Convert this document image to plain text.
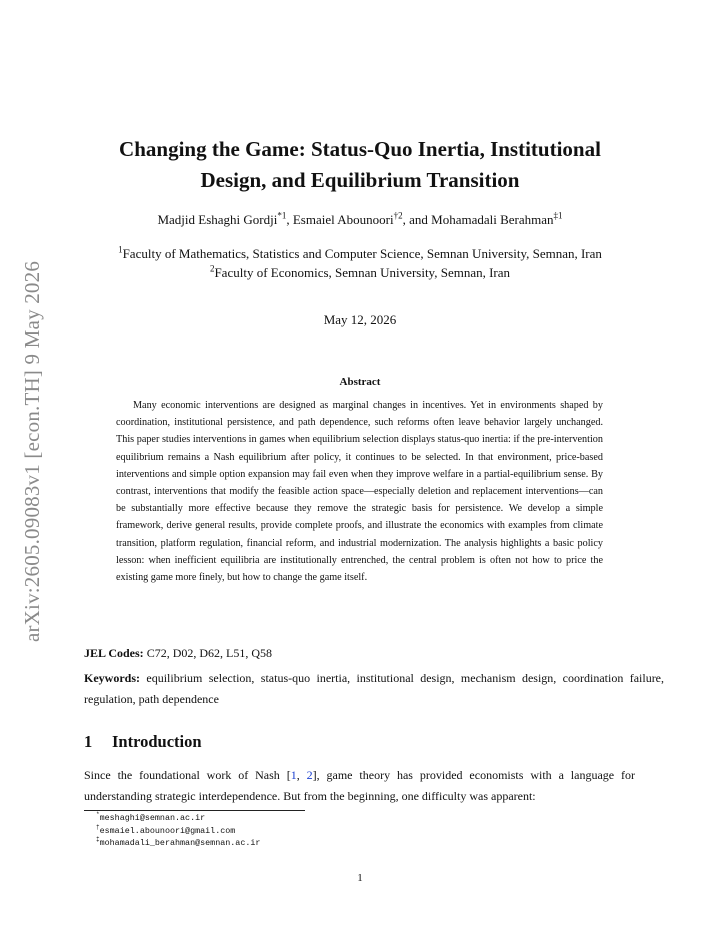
arXiv:2605.09083v1 [econ.TH] 9 May 2026
Changing the Game: Status-Quo Inertia, Institutional
Design, and Equilibrium Transition

Madjid Eshaghi Gordji$^{*1}$, Esmaiel Abounoori$^{\dagger 2}$, and Mohamadali Berahman$^{\ddagger 1}$

$^1$Faculty of Mathematics, Statistics and Computer Science, Semnan University, Semnan, Iran

$^2$Faculty of Economics, Semnan University, Semnan, Iran

May 12, 2026

Abstract

Many economic interventions are designed as marginal changes in incentives. Yet in environments shaped by coordination, institutional persistence, and path dependence, such reforms often leave behavior largely unchanged. This paper studies interventions in games when equilibrium selection displays status-quo inertia: if the pre-intervention equilibrium remains a Nash equilibrium after policy, it continues to be selected. In that environment, price-based interventions and simple option expansion may fail even when they improve welfare in a partial-equilibrium sense. By contrast, interventions that modify the feasible action space—especially deletion and replacement interventions—can be substantially more effective because they remove the strategic basis for persistence. We develop a simple framework, derive general results, provide complete proofs, and illustrate the economics with examples from climate transition, platform regulation, financial reform, and industrial modernization. The analysis highlights a basic policy lesson: when inefficient equilibria are institutionally entrenched, the central problem is often not how to price the existing game more finely, but how to change the game itself.

JEL Codes: C72, D02, D62, L51, Q58

Keywords: equilibrium selection, status-quo inertia, institutional design, mechanism design, coordination failure, regulation, path dependence

1 Introduction

Since the foundational work of Nash [1, 2], game theory has provided economists with a language for understanding strategic interdependence. But from the beginning, one difficulty was apparent:

*meshaghi@semnan.ac.ir
†esmaiel.abounoori@gmail.com
‡mohamadali_berahman@semnan.ac.ir

1
